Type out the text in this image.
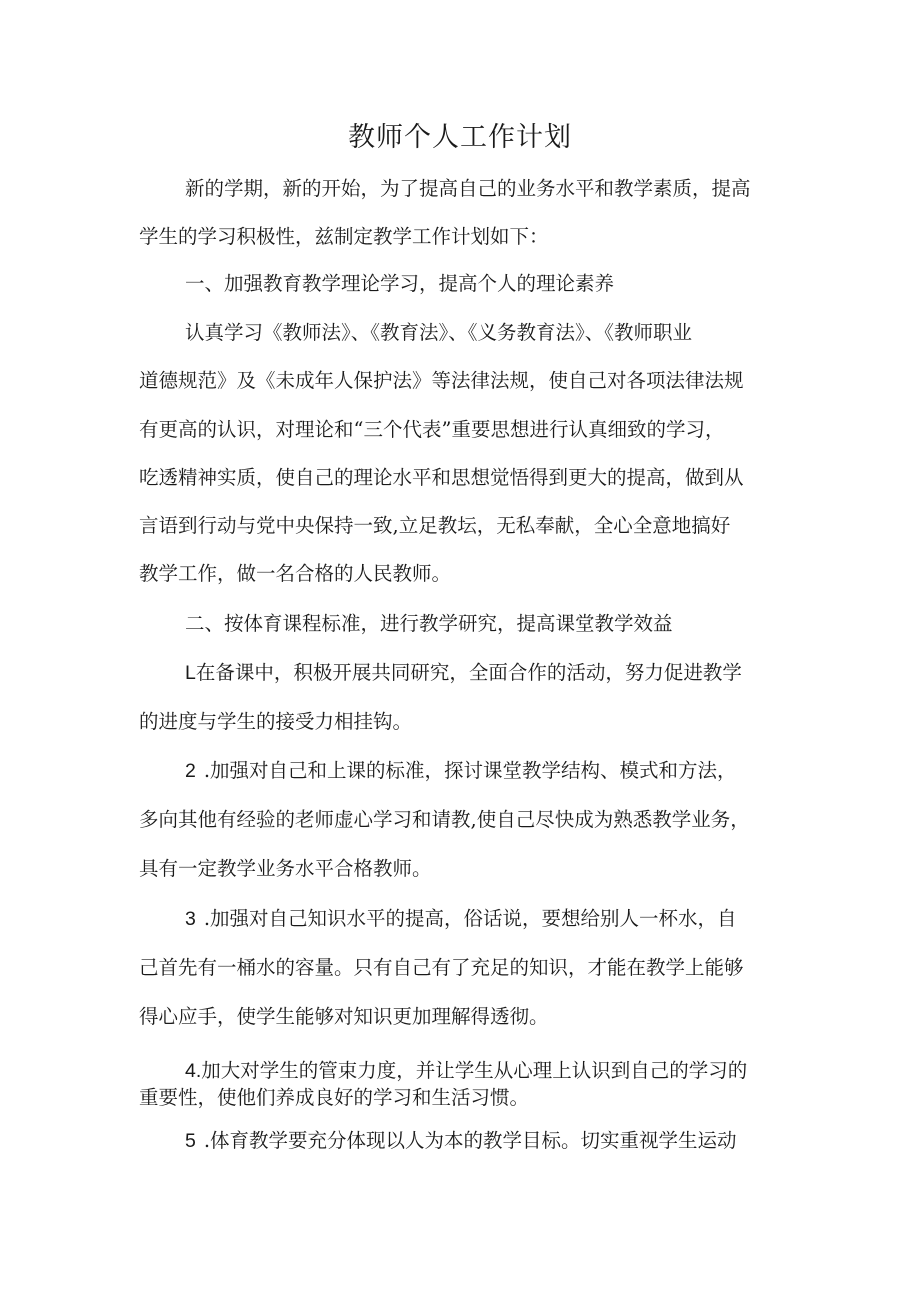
教师个人工作计划

新的学期，新的开始，为了提高自己的业务水平和教学素质，提高

学生的学习积极性，兹制定教学工作计划如下：

一、加强教育教学理论学习，提高个人的理论素养

认真学习《教师法》、《教育法》、《义务教育法》、《教师职业

道德规范》及《未成年人保护法》等法律法规，使自己对各项法律法规

有更高的认识，对理论和“三个代表”重要思想进行认真细致的学习，

吃透精神实质，使自己的理论水平和思想觉悟得到更大的提高，做到从

言语到行动与党中央保持一致,立足教坛，无私奉献，全心全意地搞好

教学工作，做一名合格的人民教师。

二、按体育课程标准，进行教学研究，提高课堂教学效益

L在备课中，积极开展共同研究，全面合作的活动，努力促进教学

的进度与学生的接受力相挂钩。

2 .加强对自己和上课的标准，探讨课堂教学结构、模式和方法，

多向其他有经验的老师虚心学习和请教,使自己尽快成为熟悉教学业务，

具有一定教学业务水平合格教师。

3 .加强对自己知识水平的提高，俗话说，要想给别人一杯水，自

己首先有一桶水的容量。只有自己有了充足的知识，才能在教学上能够

得心应手，使学生能够对知识更加理解得透彻。

4.加大对学生的管束力度，并让学生从心理上认识到自己的学习的

重要性，使他们养成良好的学习和生活习惯。

5 .体育教学要充分体现以人为本的教学目标。切实重视学生运动
